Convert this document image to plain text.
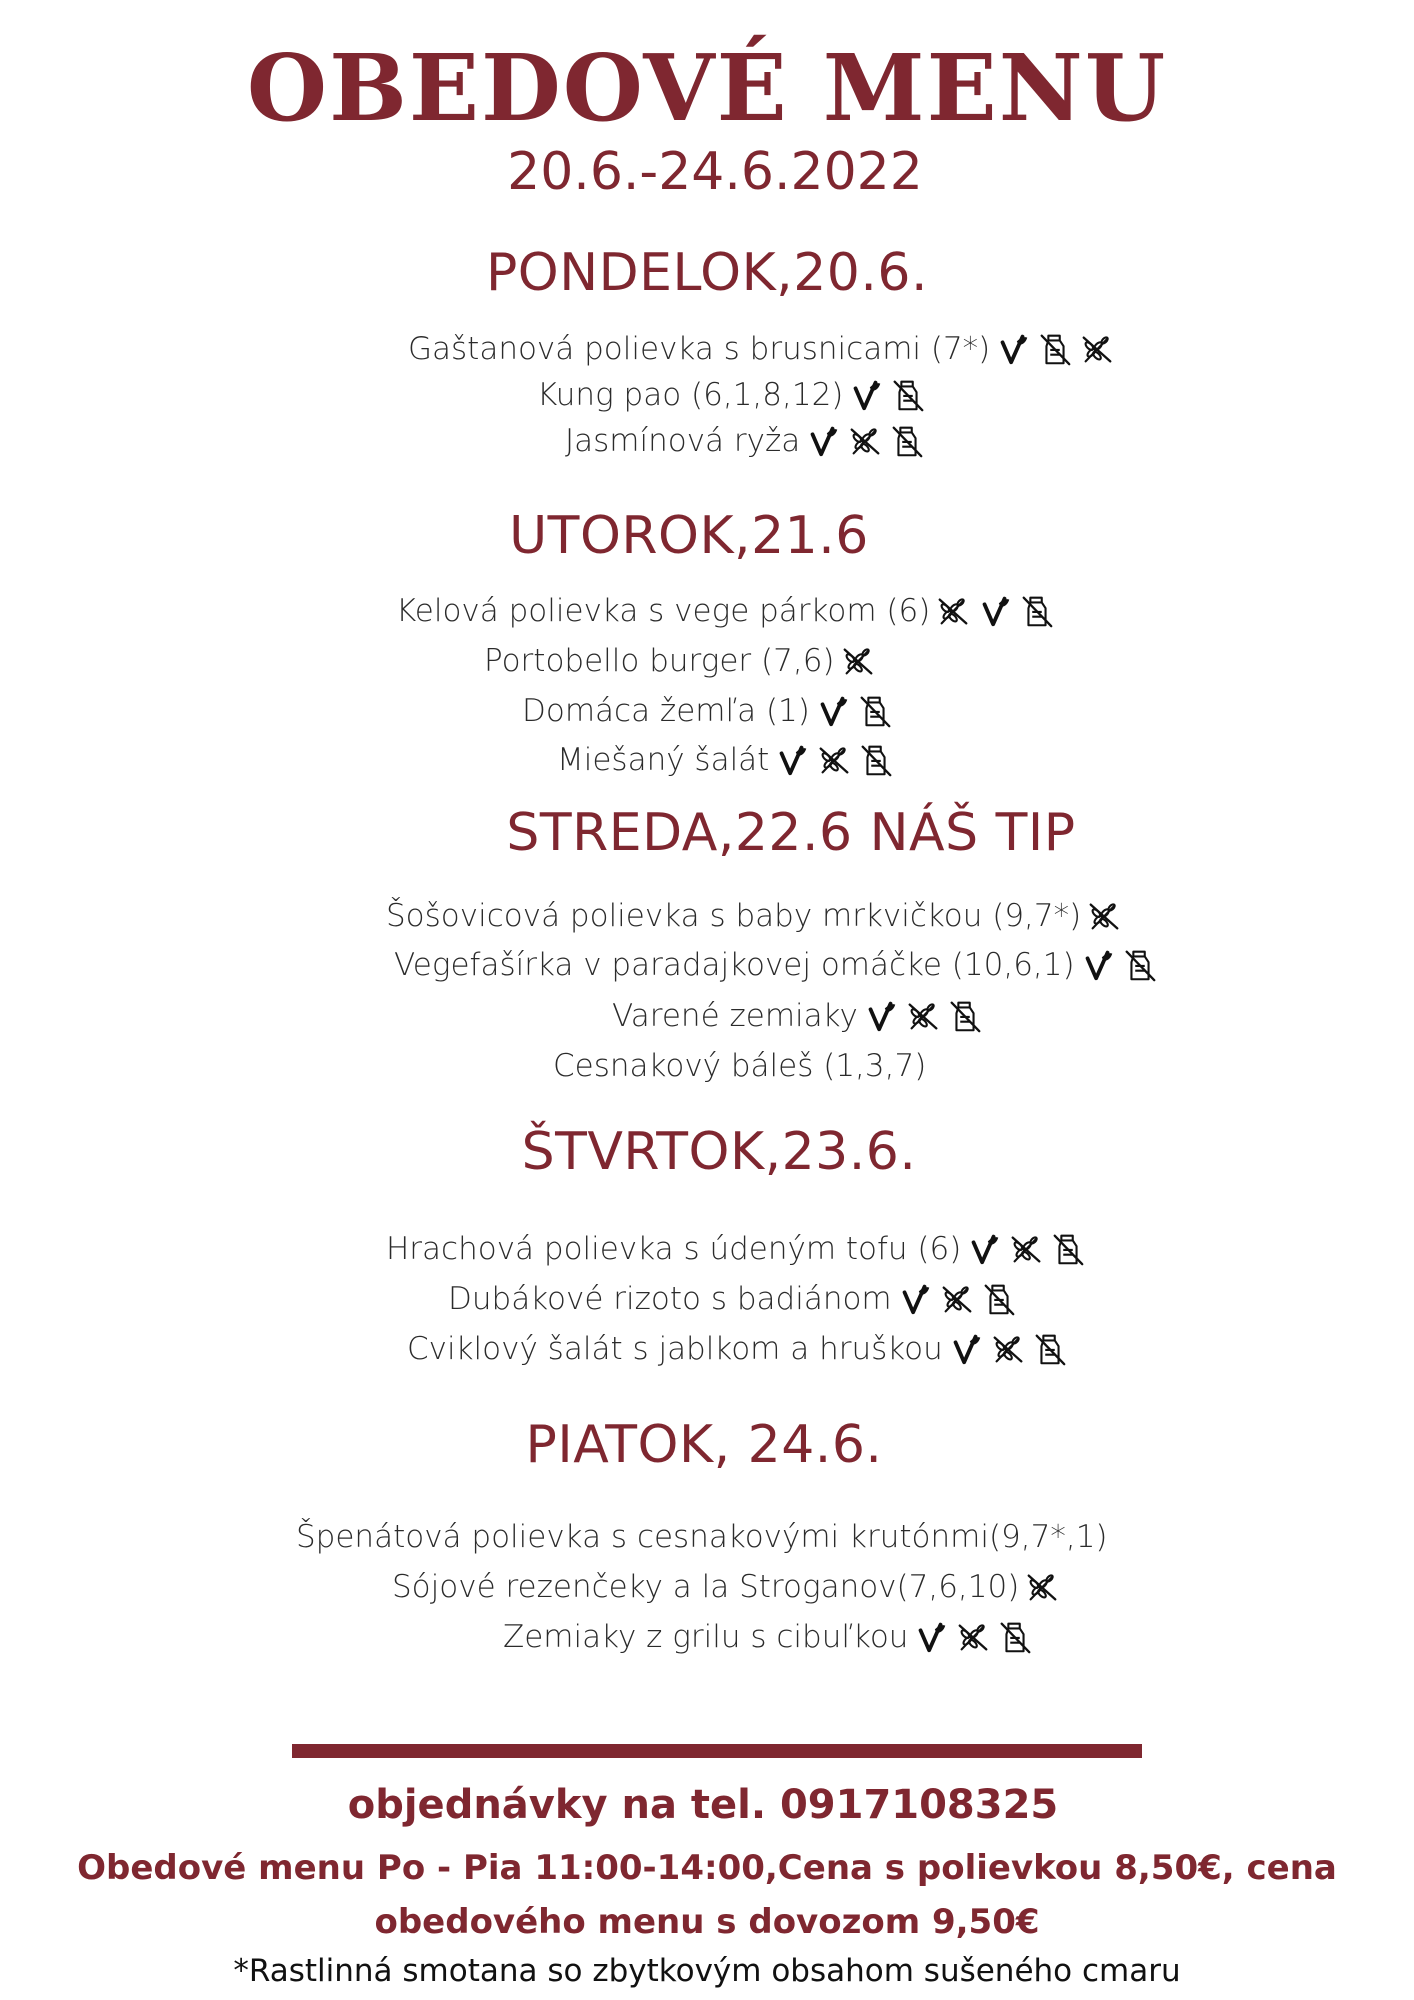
OBEDOVÉ MENU
20.6.-24.6.2022
PONDELOK,20.6.
Gaštanová polievka s brusnicami (7*)
Kung pao (6,1,8,12)
Jasmínová ryža
UTOROK,21.6
Kelová polievka s vege párkom (6)
Portobello burger (7,6)
Domáca žemľa (1)
Miešaný šalát
STREDA,22.6 NÁŠ TIP
Šošovicová polievka s baby mrkvičkou (9,7*)
Vegefašírka v paradajkovej omáčke (10,6,1)
Varené zemiaky
Cesnakový báleš (1,3,7)
ŠTVRTOK,23.6.
Hrachová polievka s údeným tofu (6)
Dubákové rizoto s badiánom
Cviklový šalát s jablkom a hruškou
PIATOK, 24.6.
Špenátová polievka s cesnakovými krutónmi(9,7*,1)
Sójové rezenčeky a la Stroganov(7,6,10)
Zemiaky z grilu s cibuľkou
objednávky na tel. 0917108325
Obedové menu Po - Pia 11:00-14:00,Cena s polievkou 8,50€, cena
obedového menu s dovozom 9,50€
*Rastlinná smotana so zbytkovým obsahom sušeného cmaru
